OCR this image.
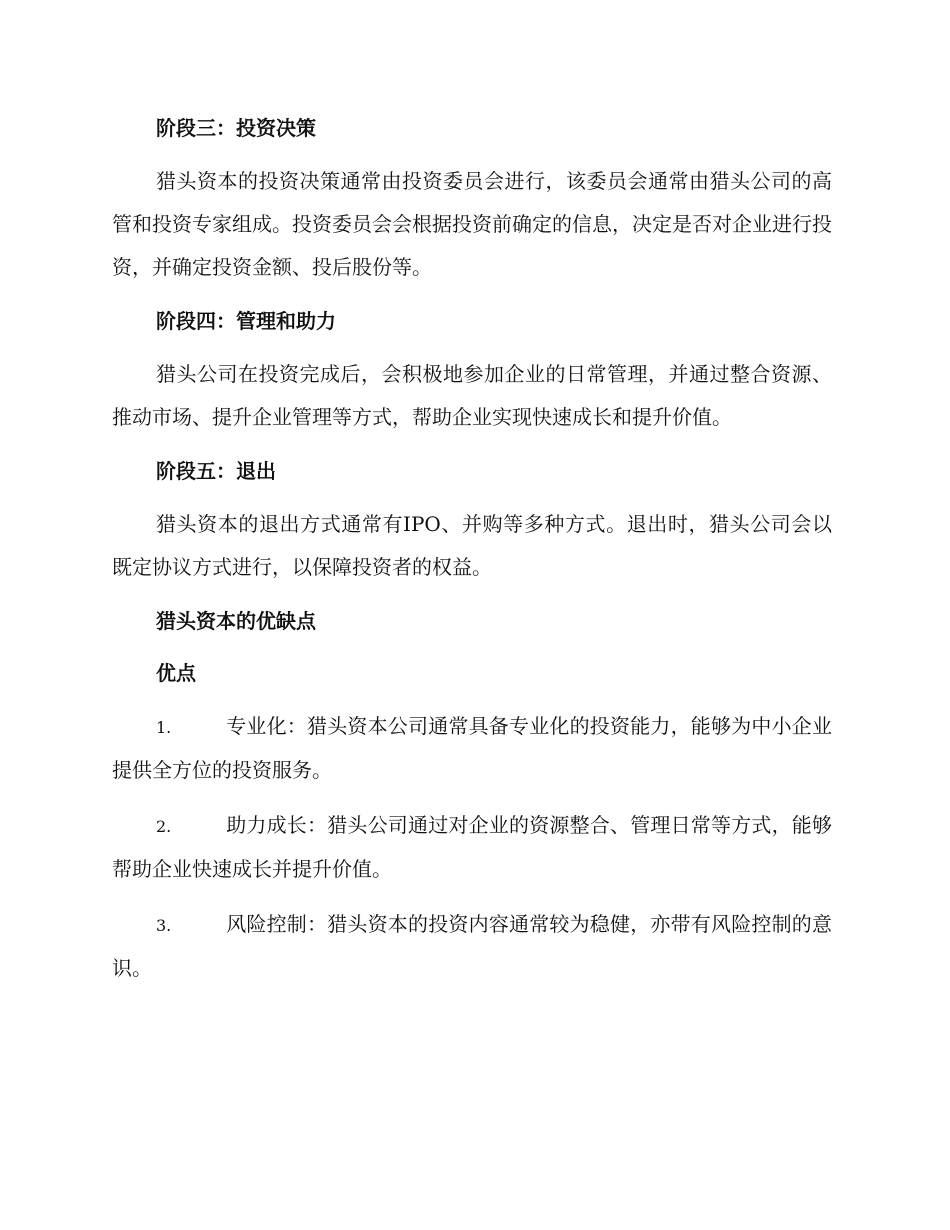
阶段三：投资决策

猎头资本的投资决策通常由投资委员会进行，该委员会通常由猎头公司的高管和投资专家组成。投资委员会会根据投资前确定的信息，决定是否对企业进行投资，并确定投资金额、投后股份等。

阶段四：管理和助力

猎头公司在投资完成后，会积极地参加企业的日常管理，并通过整合资源、推动市场、提升企业管理等方式，帮助企业实现快速成长和提升价值。

阶段五：退出

猎头资本的退出方式通常有IPO、并购等多种方式。退出时，猎头公司会以既定协议方式进行，以保障投资者的权益。

猎头资本的优缺点
优点

1.	专业化：猎头资本公司通常具备专业化的投资能力，能够为中小企业提供全方位的投资服务。

2.	助力成长：猎头公司通过对企业的资源整合、管理日常等方式，能够帮助企业快速成长并提升价值。

3.	风险控制：猎头资本的投资内容通常较为稳健，亦带有风险控制的意识。
